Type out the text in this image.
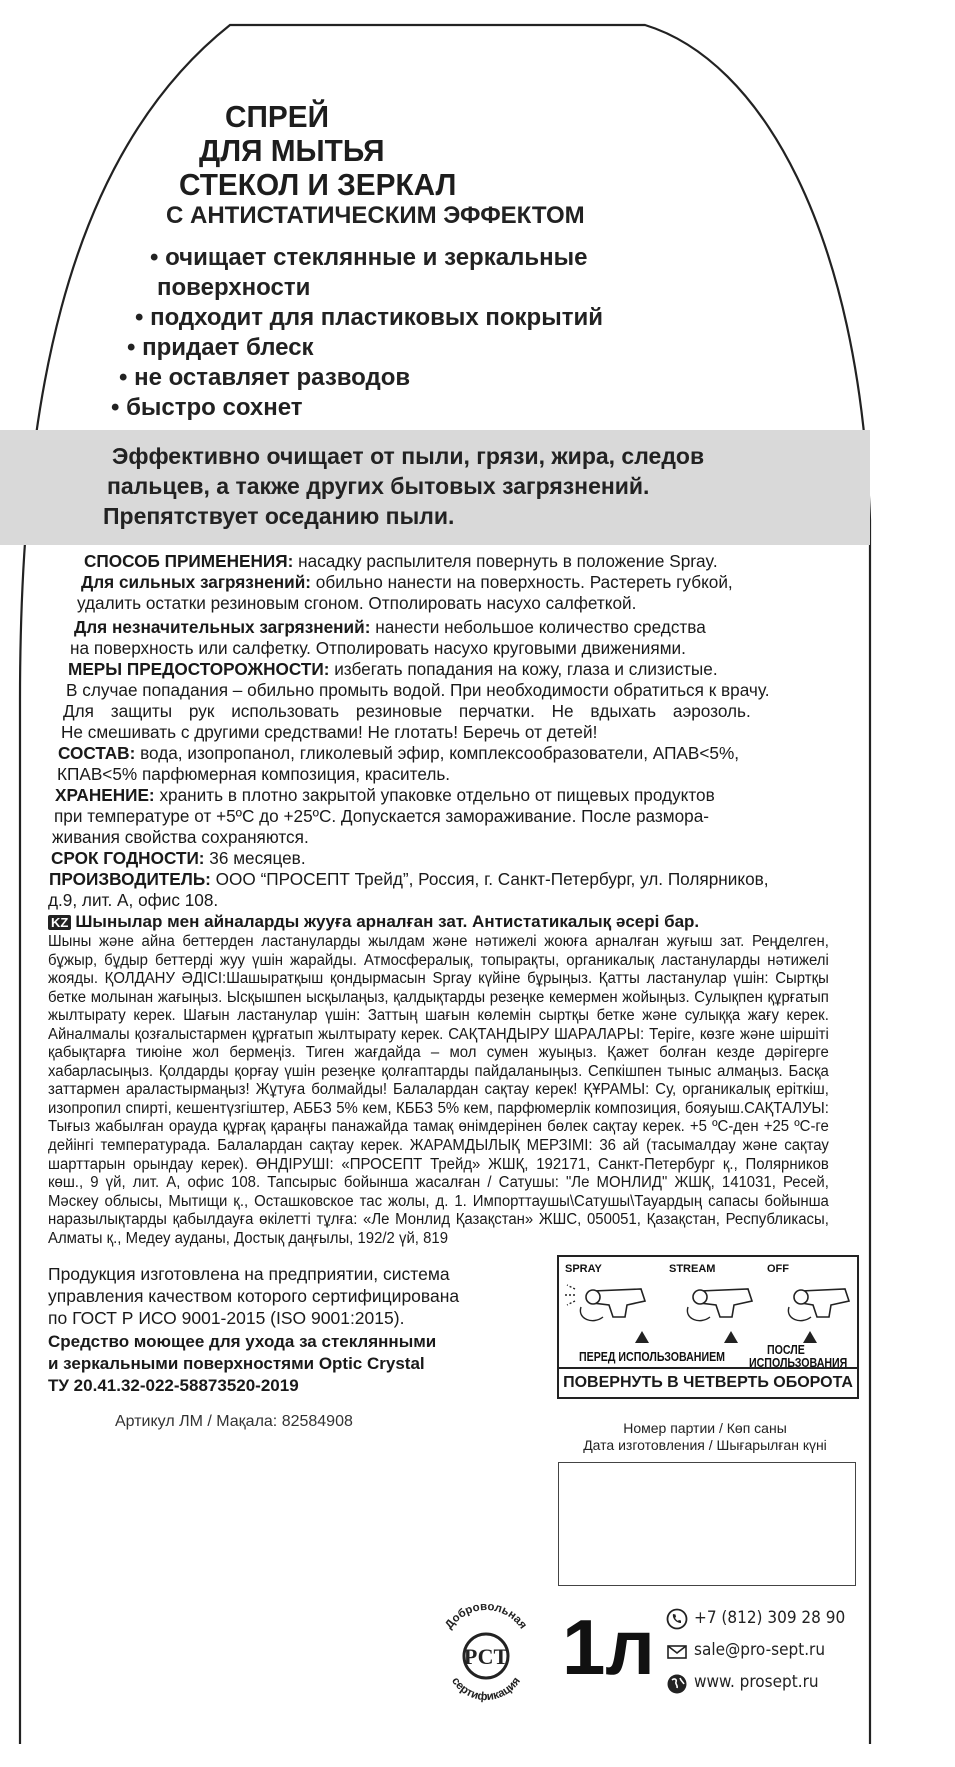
СПРЕЙ
ДЛЯ МЫТЬЯ
СТЕКОЛ И ЗЕРКАЛ
С АНТИСТАТИЧЕСКИМ ЭФФЕКТОМ
• очищает стеклянные и зеркальные
поверхности
• подходит для пластиковых покрытий
• придает блеск
• не оставляет разводов
• быстро сохнет
Эффективно очищает от пыли, грязи, жира, следов
пальцев, а также других бытовых загрязнений.
Препятствует оседанию пыли.
СПОСОБ ПРИМЕНЕНИЯ: насадку распылителя повернуть в положение Spray.
Для сильных загрязнений: обильно нанести на поверхность. Растереть губкой,
удалить остатки резиновым сгоном. Отполировать насухо салфеткой.
Для незначительных загрязнений: нанести небольшое количество средства
на поверхность или салфетку. Отполировать насухо круговыми движениями.
МЕРЫ ПРЕДОСТОРОЖНОСТИ: избегать попадания на кожу, глаза и слизистые.
В случае попадания – обильно промыть водой. При необходимости обратиться к врачу.
Для защиты рук использовать резиновые перчатки. Не вдыхать аэрозоль.
Не смешивать с другими средствами! Не глотать! Беречь от детей!
СОСТАВ: вода, изопропанол, гликолевый эфир, комплексообразователи, АПАВ<5%,
КПАВ<5% парфюмерная композиция, краситель.
ХРАНЕНИЕ: хранить в плотно закрытой упаковке отдельно от пищевых продуктов
при температуре от +5ºС до +25ºС. Допускается замораживание. После размора-
живания свойства сохраняются.
СРОК ГОДНОСТИ: 36 месяцев.
ПРОИЗВОДИТЕЛЬ: ООО “ПРОСЕПТ Трейд”, Россия, г. Санкт-Петербург, ул. Полярников,
д.9, лит. А, офис 108.
KZ Шынылар мен айналарды жууға арналған зат. Антистатикалық әсері бар.
Шыны және айна беттерден ластануларды жылдам және нәтижелі жоюға арналған жуғыш зат. Реңделген, бұжыр, бұдыр беттерді жуу үшін жарайды. Атмосфералық, топырақты, органикалық ластануларды нәтижелі жояды. ҚОЛДАНУ ӘДІСІ:Шашыратқыш қондырмасын Spray күйіне бұрыңыз. Қатты ластанулар үшін: Сыртқы бетке молынан жағыңыз. Ысқышпен ысқылаңыз, қалдықтарды резеңке кемермен жойыңыз. Сулықпен құрғатып жылтырату керек. Шағын ластанулар үшін: Заттың шағын көлемін сыртқы бетке және сулыққа жағу керек. Айналмалы қозғалыстармен құрғатып жылтырату керек. САҚТАНДЫРУ ШАРАЛАРЫ: Теріге, көзге және шіршіті қабықтарға тиюіне жол бермеңіз. Тиген жағдайда – мол сумен жуыңыз. Қажет болған кезде дәрігерге хабарласыңыз. Қолдарды қорғау үшін резеңке қолғаптарды пайдаланыңыз. Сепкішпен тыныс алмаңыз. Басқа заттармен араластырмаңыз! Жұтуға болмайды! Балалардан сақтау керек! ҚҰРАМЫ: Су, органикалық еріткіш, изопропил спирті, кешентүзгіштер, АББЗ 5% кем, КББЗ 5% кем, парфюмерлік композиция, бояуыш.САҚТАЛУЫ: Тығыз жабылған орауда құрғақ қараңғы панажайда тамақ өнімдерінен бөлек сақтау керек. +5 ºС-ден +25 ºС-ге дейінгі температурада. Балалардан сақтау керек. ЖАРАМДЫЛЫҚ МЕРЗІМІ: 36 ай (тасымалдау және сақтау шарттарын орындау керек). ӨНДІРУШІ: «ПРОСЕПТ Трейд» ЖШҚ, 192171, Санкт-Петербург қ., Полярников көш., 9 үй, лит. А, офис 108. Тапсырыс бойынша жасалған / Сатушы: "Ле МОНЛИД" ЖШҚ, 141031, Ресей, Мәскеу облысы, Мытищи қ., Осташковское тас жолы, д. 1. Импорттаушы\Сатушы\Тауардың сапасы бойынша наразылықтарды қабылдауға өкілетті тұлға: «Ле Монлид Қазақстан» ЖШС, 050051, Қазақстан, Республикасы, Алматы қ., Медеу ауданы, Достық даңғылы, 192/2 үй, 819
Продукция изготовлена на предприятии, система
управления качеством которого сертифицирована
по ГОСТ Р ИСО 9001-2015 (ISO 9001:2015).
Средство моющее для ухода за стеклянными
и зеркальными поверхностями Optic Crystal
ТУ 20.41.32-022-58873520-2019
SPRAY	STREAM	OFF
ПЕРЕД ИСПОЛЬЗОВАНИЕМ	ПОСЛЕ
ИСПОЛЬЗОВАНИЯ
ПОВЕРНУТЬ В ЧЕТВЕРТЬ ОБОРОТА
Артикул ЛМ / Мақала: 82584908	Номер партии / Көп саны
Дата изготовления / Шығарылған күні
Добровольная
сертификация
РСТ 1л +7 (812) 309 28 90
sale@pro-sept.ru
www. prosept.ru
